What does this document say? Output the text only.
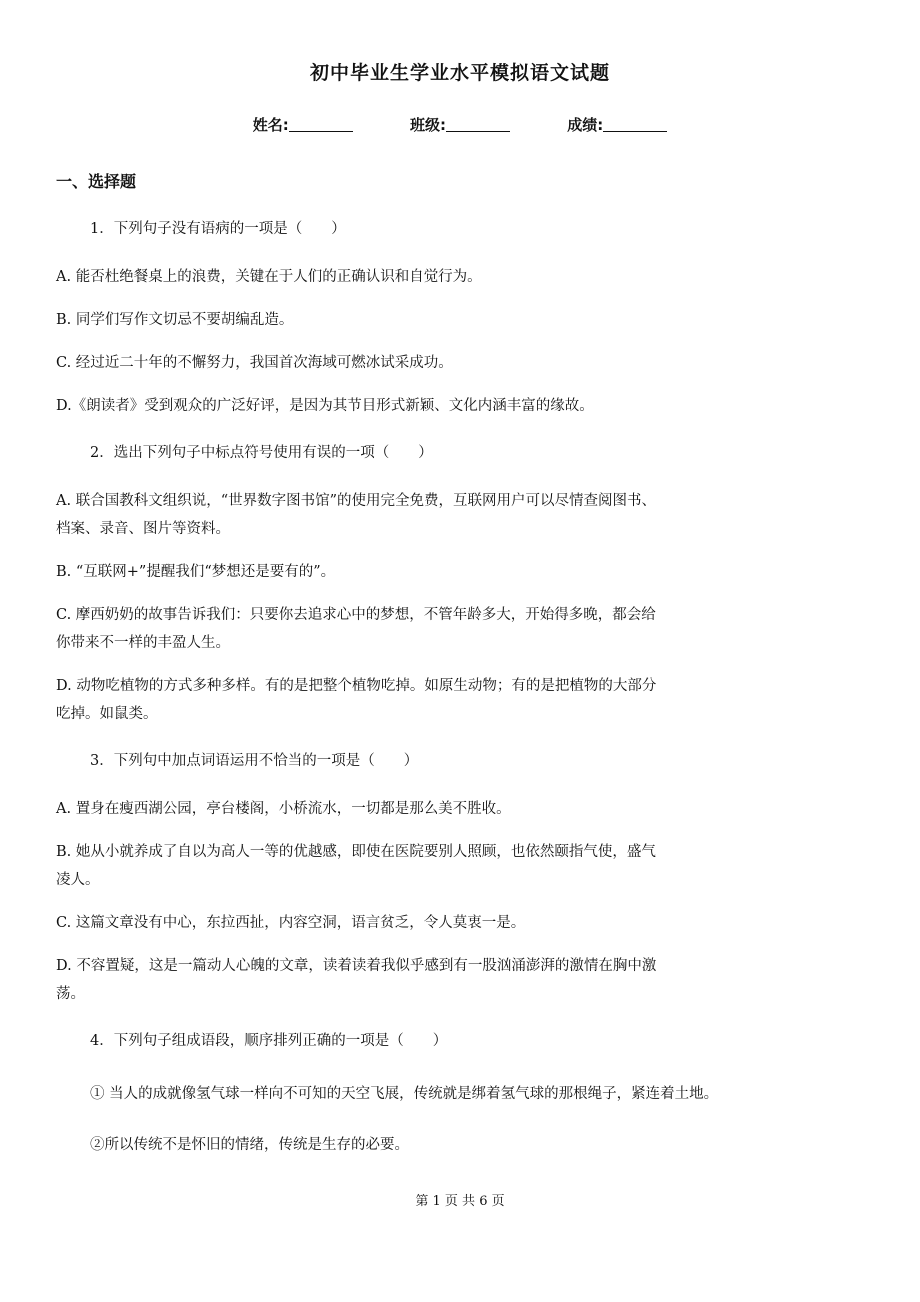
初中毕业生学业水平模拟语文试题
姓名:	班级:	成绩:
一、选择题
1．下列句子没有语病的一项是（　　）
A. 能否杜绝餐桌上的浪费，关键在于人们的正确认识和自觉行为。
B. 同学们写作文切忌不要胡编乱造。
C. 经过近二十年的不懈努力，我国首次海域可燃冰试采成功。
D.《朗读者》受到观众的广泛好评，是因为其节目形式新颖、文化内涵丰富的缘故。
2．选出下列句子中标点符号使用有误的一项（　　）
A. 联合国教科文组织说，“世界数字图书馆”的使用完全免费，互联网用户可以尽情查阅图书、
档案、录音、图片等资料。
B. “互联网+”提醒我们“梦想还是要有的”。
C. 摩西奶奶的故事告诉我们：只要你去追求心中的梦想，不管年龄多大，开始得多晚，都会给
你带来不一样的丰盈人生。
D. 动物吃植物的方式多种多样。有的是把整个植物吃掉。如原生动物；有的是把植物的大部分
吃掉。如鼠类。
3．下列句中加点词语运用不恰当的一项是（　　）
A. 置身在瘦西湖公园，亭台楼阁，小桥流水，一切都是那么美不胜收。
B. 她从小就养成了自以为高人一等的优越感，即使在医院要别人照顾，也依然颐指气使，盛气
凌人。
C. 这篇文章没有中心，东拉西扯，内容空洞，语言贫乏，令人莫衷一是。
D. 不容置疑，这是一篇动人心魄的文章，读着读着我似乎感到有一股汹涌澎湃的激情在胸中激
荡。
4．下列句子组成语段，顺序排列正确的一项是（　　）
① 当人的成就像氢气球一样向不可知的天空飞展，传统就是绑着氢气球的那根绳子，紧连着土地。
②所以传统不是怀旧的情绪，传统是生存的必要。
第 1 页 共 6 页
